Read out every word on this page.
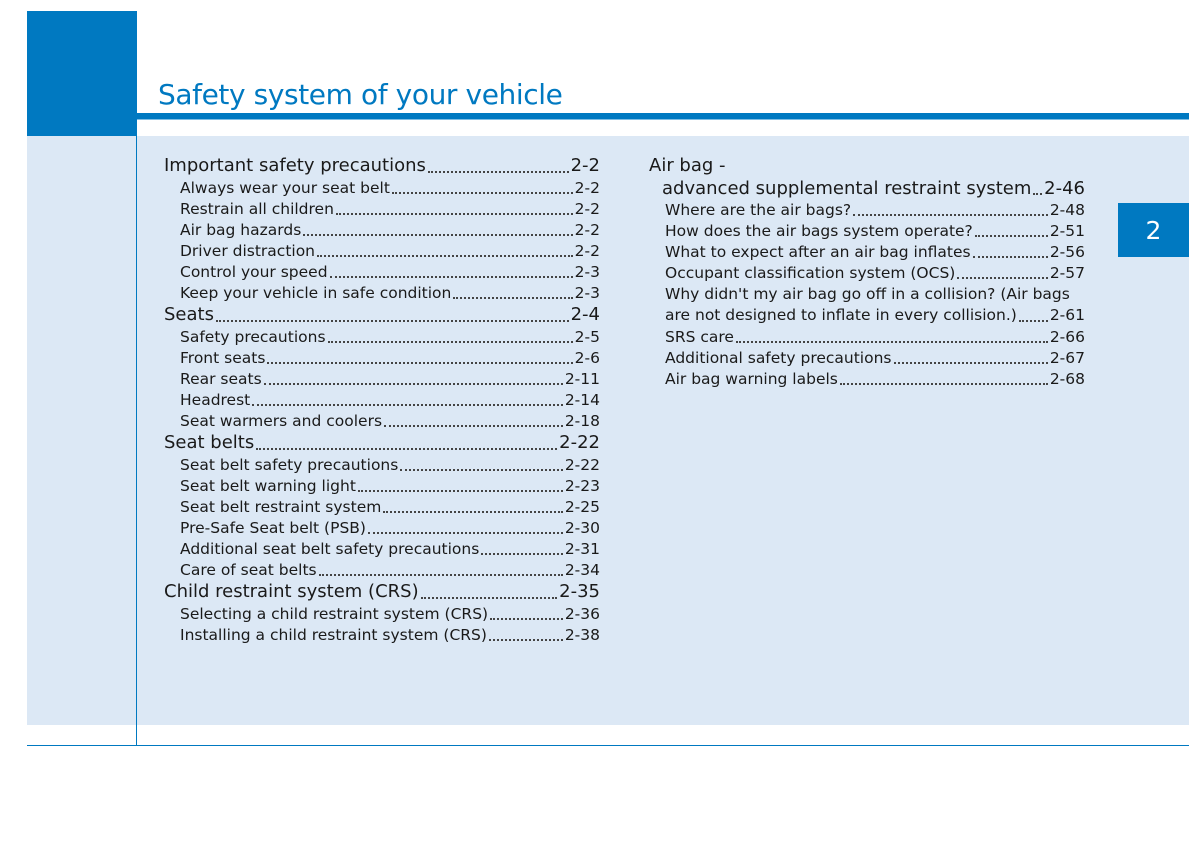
Safety system of your vehicle
2
Important safety precautions	2-2
Always wear your seat belt	2-2
Restrain all children	2-2
Air bag hazards	2-2
Driver distraction	2-2
Control your speed	2-3
Keep your vehicle in safe condition	2-3
Seats	2-4
Safety precautions	2-5
Front seats	2-6
Rear seats	2-11
Headrest	2-14
Seat warmers and coolers	2-18
Seat belts	2-22
Seat belt safety precautions	2-22
Seat belt warning light	2-23
Seat belt restraint system	2-25
Pre-Safe Seat belt (PSB)	2-30
Additional seat belt safety precautions	2-31
Care of seat belts	2-34
Child restraint system (CRS)	2-35
Selecting a child restraint system (CRS)	2-36
Installing a child restraint system (CRS)	2-38
Air bag -
advanced supplemental restraint system 2-46
Where are the air bags?	2-48
How does the air bags system operate?	2-51
What to expect after an air bag inflates	2-56
Occupant classification system (OCS)	2-57
Why didn't my air bag go off in a collision? (Air bags
are not designed to inflate in every collision.) 2-61
SRS care	2-66
Additional safety precautions	2-67
Air bag warning labels	2-68
